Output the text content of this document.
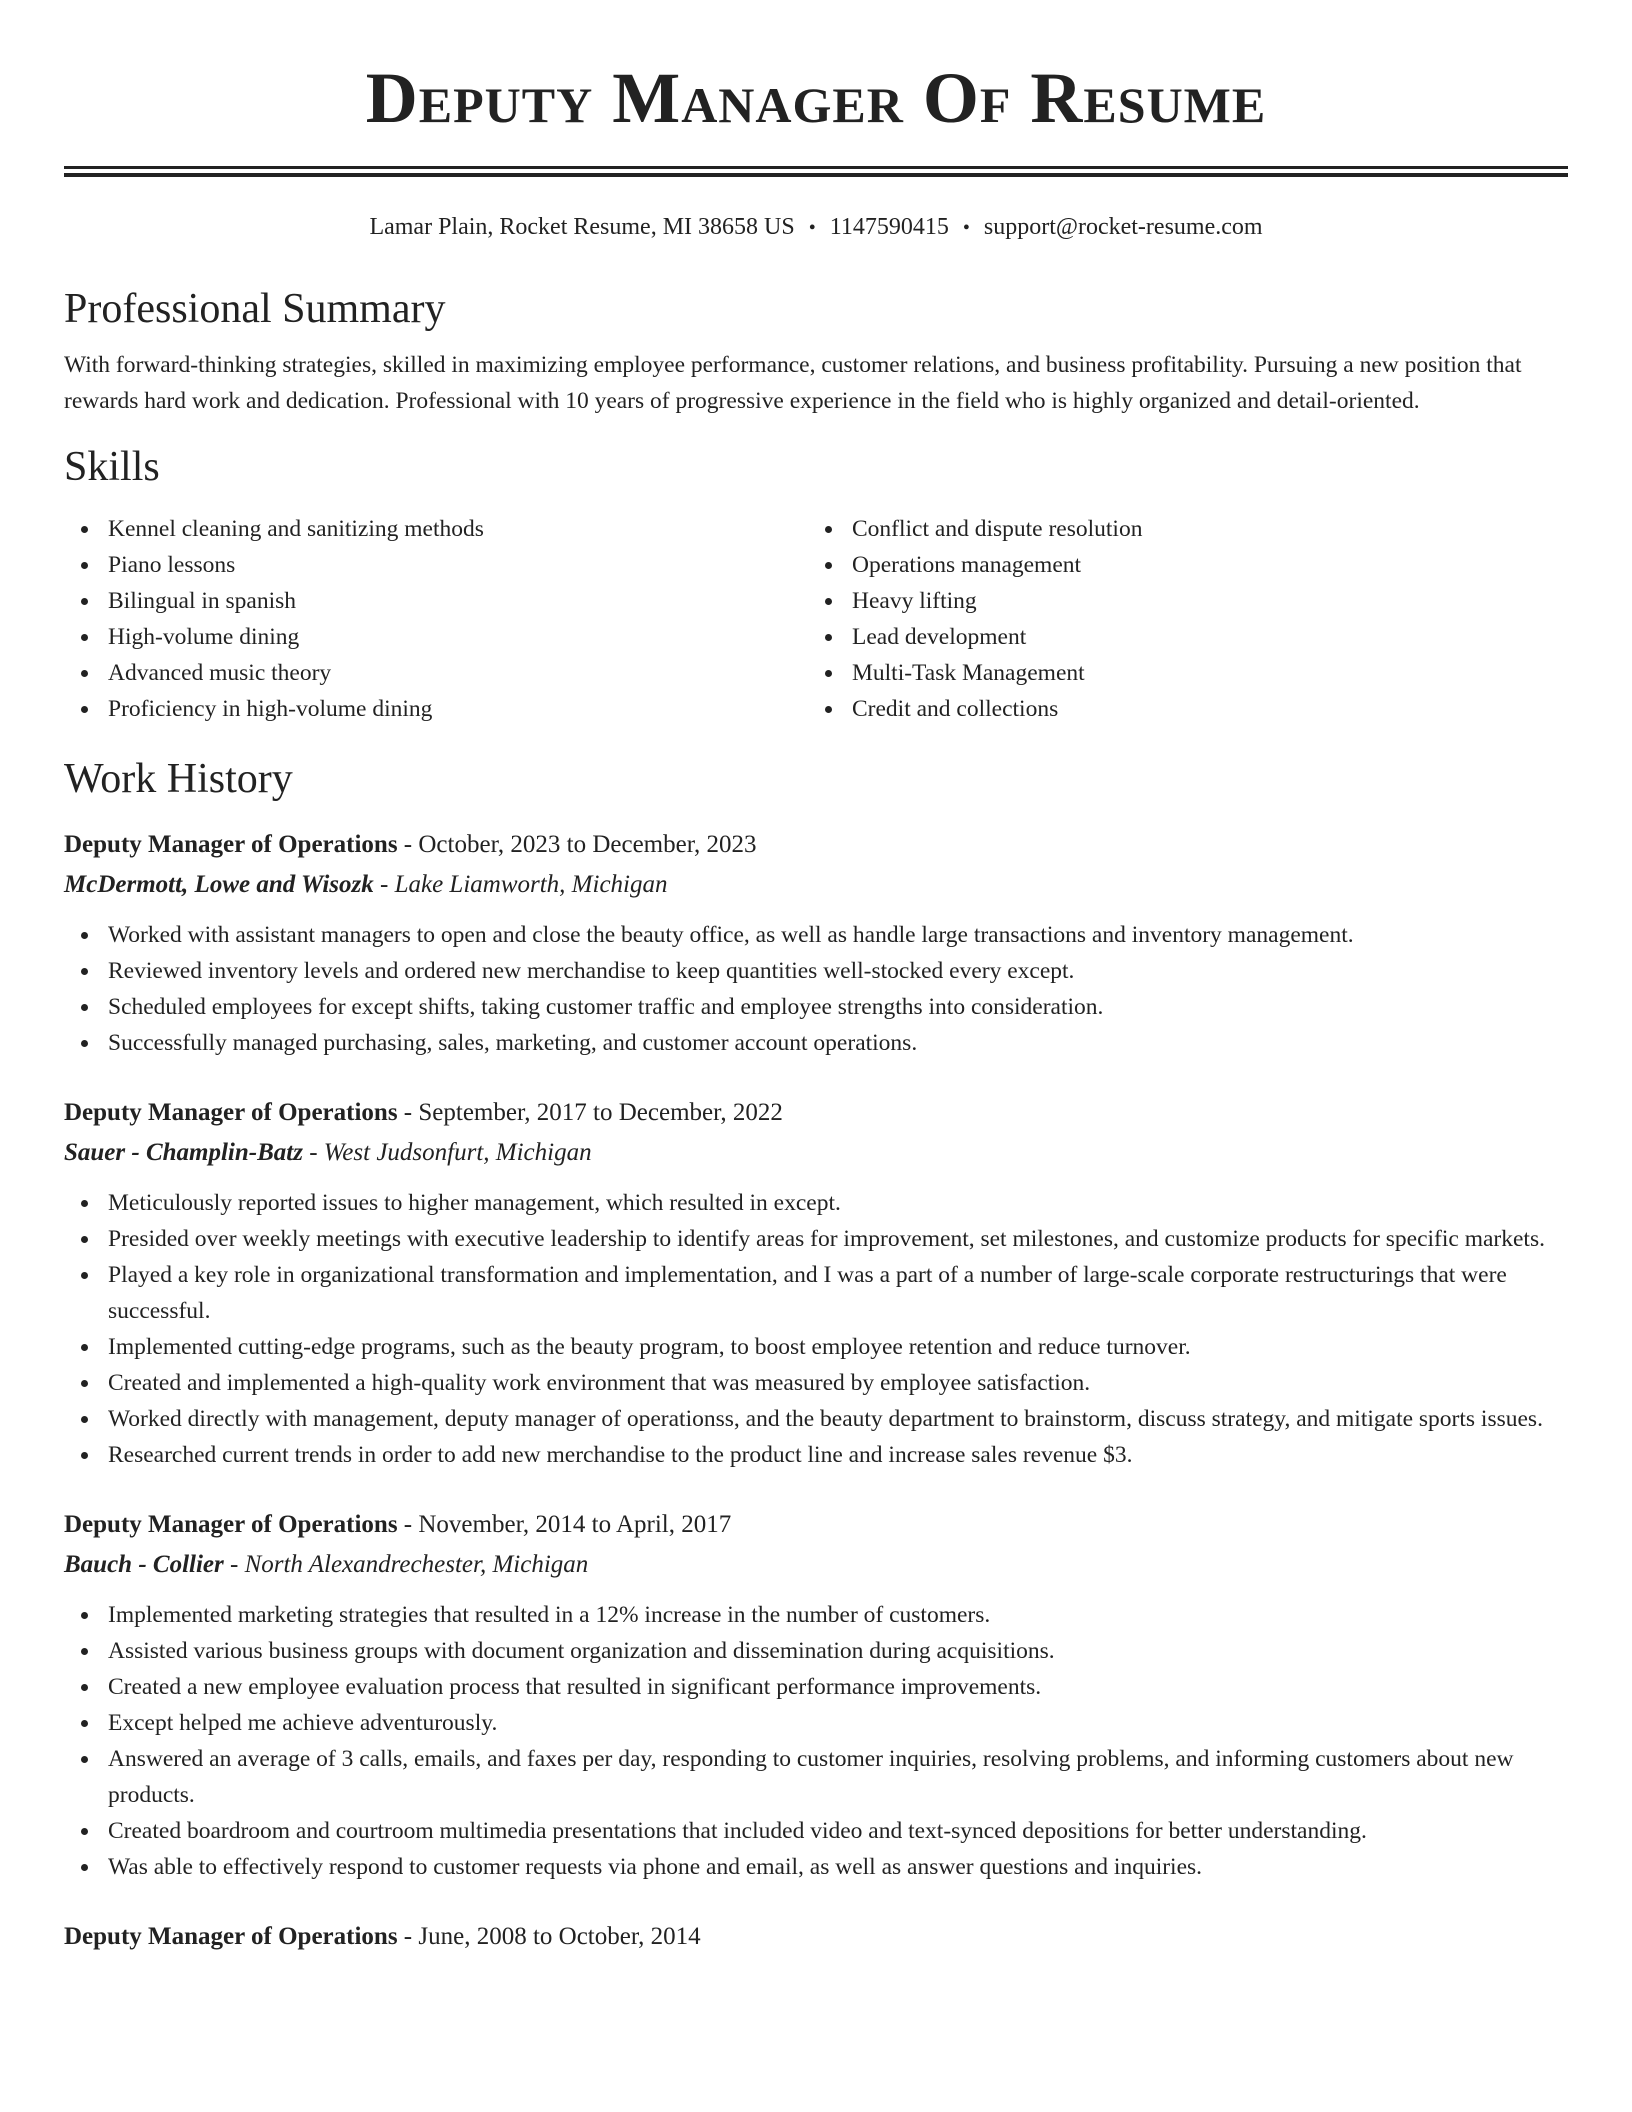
Deputy Manager Of Resume
Lamar Plain, Rocket Resume, MI 38658 US • 1147590415 • support@rocket-resume.com
Professional Summary

With forward-thinking strategies, skilled in maximizing employee performance, customer relations, and business profitability. Pursuing a new position that rewards hard work and dedication. Professional with 10 years of progressive experience in the field who is highly organized and detail-oriented.

Skills
Kennel cleaning and sanitizing methods
Piano lessons
Bilingual in spanish
High-volume dining
Advanced music theory
Proficiency in high-volume dining
Conflict and dispute resolution
Operations management
Heavy lifting
Lead development
Multi-Task Management
Credit and collections
Work History
Deputy Manager of Operations - October, 2023 to December, 2023
McDermott, Lowe and Wisozk - Lake Liamworth, Michigan
Worked with assistant managers to open and close the beauty office, as well as handle large transactions and inventory management.
Reviewed inventory levels and ordered new merchandise to keep quantities well-stocked every except.
Scheduled employees for except shifts, taking customer traffic and employee strengths into consideration.
Successfully managed purchasing, sales, marketing, and customer account operations.
Deputy Manager of Operations - September, 2017 to December, 2022
Sauer - Champlin-Batz - West Judsonfurt, Michigan
Meticulously reported issues to higher management, which resulted in except.
Presided over weekly meetings with executive leadership to identify areas for improvement, set milestones, and customize products for specific markets.
Played a key role in organizational transformation and implementation, and I was a part of a number of large-scale corporate restructurings that were successful.
Implemented cutting-edge programs, such as the beauty program, to boost employee retention and reduce turnover.
Created and implemented a high-quality work environment that was measured by employee satisfaction.
Worked directly with management, deputy manager of operationss, and the beauty department to brainstorm, discuss strategy, and mitigate sports issues.
Researched current trends in order to add new merchandise to the product line and increase sales revenue $3.
Deputy Manager of Operations - November, 2014 to April, 2017
Bauch - Collier - North Alexandrechester, Michigan
Implemented marketing strategies that resulted in a 12% increase in the number of customers.
Assisted various business groups with document organization and dissemination during acquisitions.
Created a new employee evaluation process that resulted in significant performance improvements.
Except helped me achieve adventurously.
Answered an average of 3 calls, emails, and faxes per day, responding to customer inquiries, resolving problems, and informing customers about new products.
Created boardroom and courtroom multimedia presentations that included video and text-synced depositions for better understanding.
Was able to effectively respond to customer requests via phone and email, as well as answer questions and inquiries.
Deputy Manager of Operations - June, 2008 to October, 2014
